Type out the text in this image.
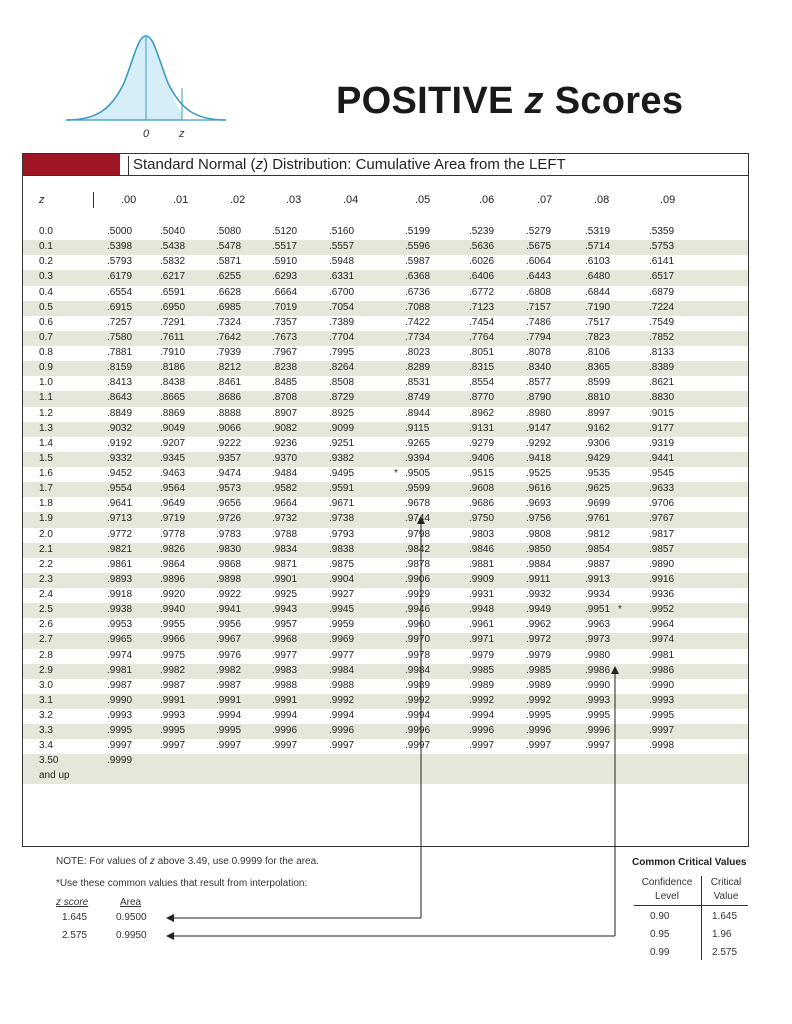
0	z
POSITIVE z Scores
Standard Normal (z) Distribution: Cumulative Area from the LEFT
z	.00	.01	.02	.03	.04	.05	.06	.07	.08	.09
0.0	.5000	.5040	.5080	.5120	.5160	.5199	.5239	.5279	.5319	.5359
0.1	.5398	.5438	.5478	.5517	.5557	.5596	.5636	.5675	.5714	.5753
0.2	.5793	.5832	.5871	.5910	.5948	.5987	.6026	.6064	.6103	.6141
0.3	.6179	.6217	.6255	.6293	.6331	.6368	.6406	.6443	.6480	.6517
0.4	.6554	.6591	.6628	.6664	.6700	.6736	.6772	.6808	.6844	.6879
0.5	.6915	.6950	.6985	.7019	.7054	.7088	.7123	.7157	.7190	.7224
0.6	.7257	.7291	.7324	.7357	.7389	.7422	.7454	.7486	.7517	.7549
0.7	.7580	.7611	.7642	.7673	.7704	.7734	.7764	.7794	.7823	.7852
0.8	.7881	.7910	.7939	.7967	.7995	.8023	.8051	.8078	.8106	.8133
0.9	.8159	.8186	.8212	.8238	.8264	.8289	.8315	.8340	.8365	.8389
1.0	.8413	.8438	.8461	.8485	.8508	.8531	.8554	.8577	.8599	.8621
1.1	.8643	.8665	.8686	.8708	.8729	.8749	.8770	.8790	.8810	.8830
1.2	.8849	.8869	.8888	.8907	.8925	.8944	.8962	.8980	.8997	.9015
1.3	.9032	.9049	.9066	.9082	.9099	.9115	.9131	.9147	.9162	.9177
1.4	.9192	.9207	.9222	.9236	.9251	.9265	.9279	.9292	.9306	.9319
1.5	.9332	.9345	.9357	.9370	.9382	.9394	.9406	.9418	.9429	.9441
1.6	.9452	.9463	.9474	.9484	.9495	.9505	.9515	.9525	.9535	.9545
*
1.7	.9554	.9564	.9573	.9582	.9591	.9599	.9608	.9616	.9625	.9633
1.8	.9641	.9649	.9656	.9664	.9671	.9678	.9686	.9693	.9699	.9706
1.9	.9713	.9719	.9726	.9732	.9738	.9744	.9750	.9756	.9761	.9767
2.0	.9772	.9778	.9783	.9788	.9793	.9798	.9803	.9808	.9812	.9817
2.1	.9821	.9826	.9830	.9834	.9838	.9842	.9846	.9850	.9854	.9857
2.2	.9861	.9864	.9868	.9871	.9875	.9878	.9881	.9884	.9887	.9890
2.3	.9893	.9896	.9898	.9901	.9904	.9906	.9909	.9911	.9913	.9916
2.4	.9918	.9920	.9922	.9925	.9927	.9929	.9931	.9932	.9934	.9936
2.5	.9938	.9940	.9941	.9943	.9945	.9946	.9948	.9949	.9951	.9952
*
2.6	.9953	.9955	.9956	.9957	.9959	.9960	.9961	.9962	.9963	.9964
2.7	.9965	.9966	.9967	.9968	.9969	.9970	.9971	.9972	.9973	.9974
2.8	.9974	.9975	.9976	.9977	.9977	.9978	.9979	.9979	.9980	.9981
2.9	.9981	.9982	.9982	.9983	.9984	.9984	.9985	.9985	.9986	.9986
3.0	.9987	.9987	.9987	.9988	.9988	.9989	.9989	.9989	.9990	.9990
3.1	.9990	.9991	.9991	.9991	.9992	.9992	.9992	.9992	.9993	.9993
3.2	.9993	.9993	.9994	.9994	.9994	.9994	.9994	.9995	.9995	.9995
3.3	.9995	.9995	.9995	.9996	.9996	.9996	.9996	.9996	.9996	.9997
3.4	.9997	.9997	.9997	.9997	.9997	.9997	.9997	.9997	.9997	.9998
3.50	.9999
and up
NOTE: For values of z above 3.49, use 0.9999 for the area.
*Use these common values that result from interpolation:
z score	Area
1.645	0.9500
2.575	0.9950
Common Critical Values
Confidence
Level
Critical
Value
0.90	1.645
0.95	1.96
0.99	2.575
